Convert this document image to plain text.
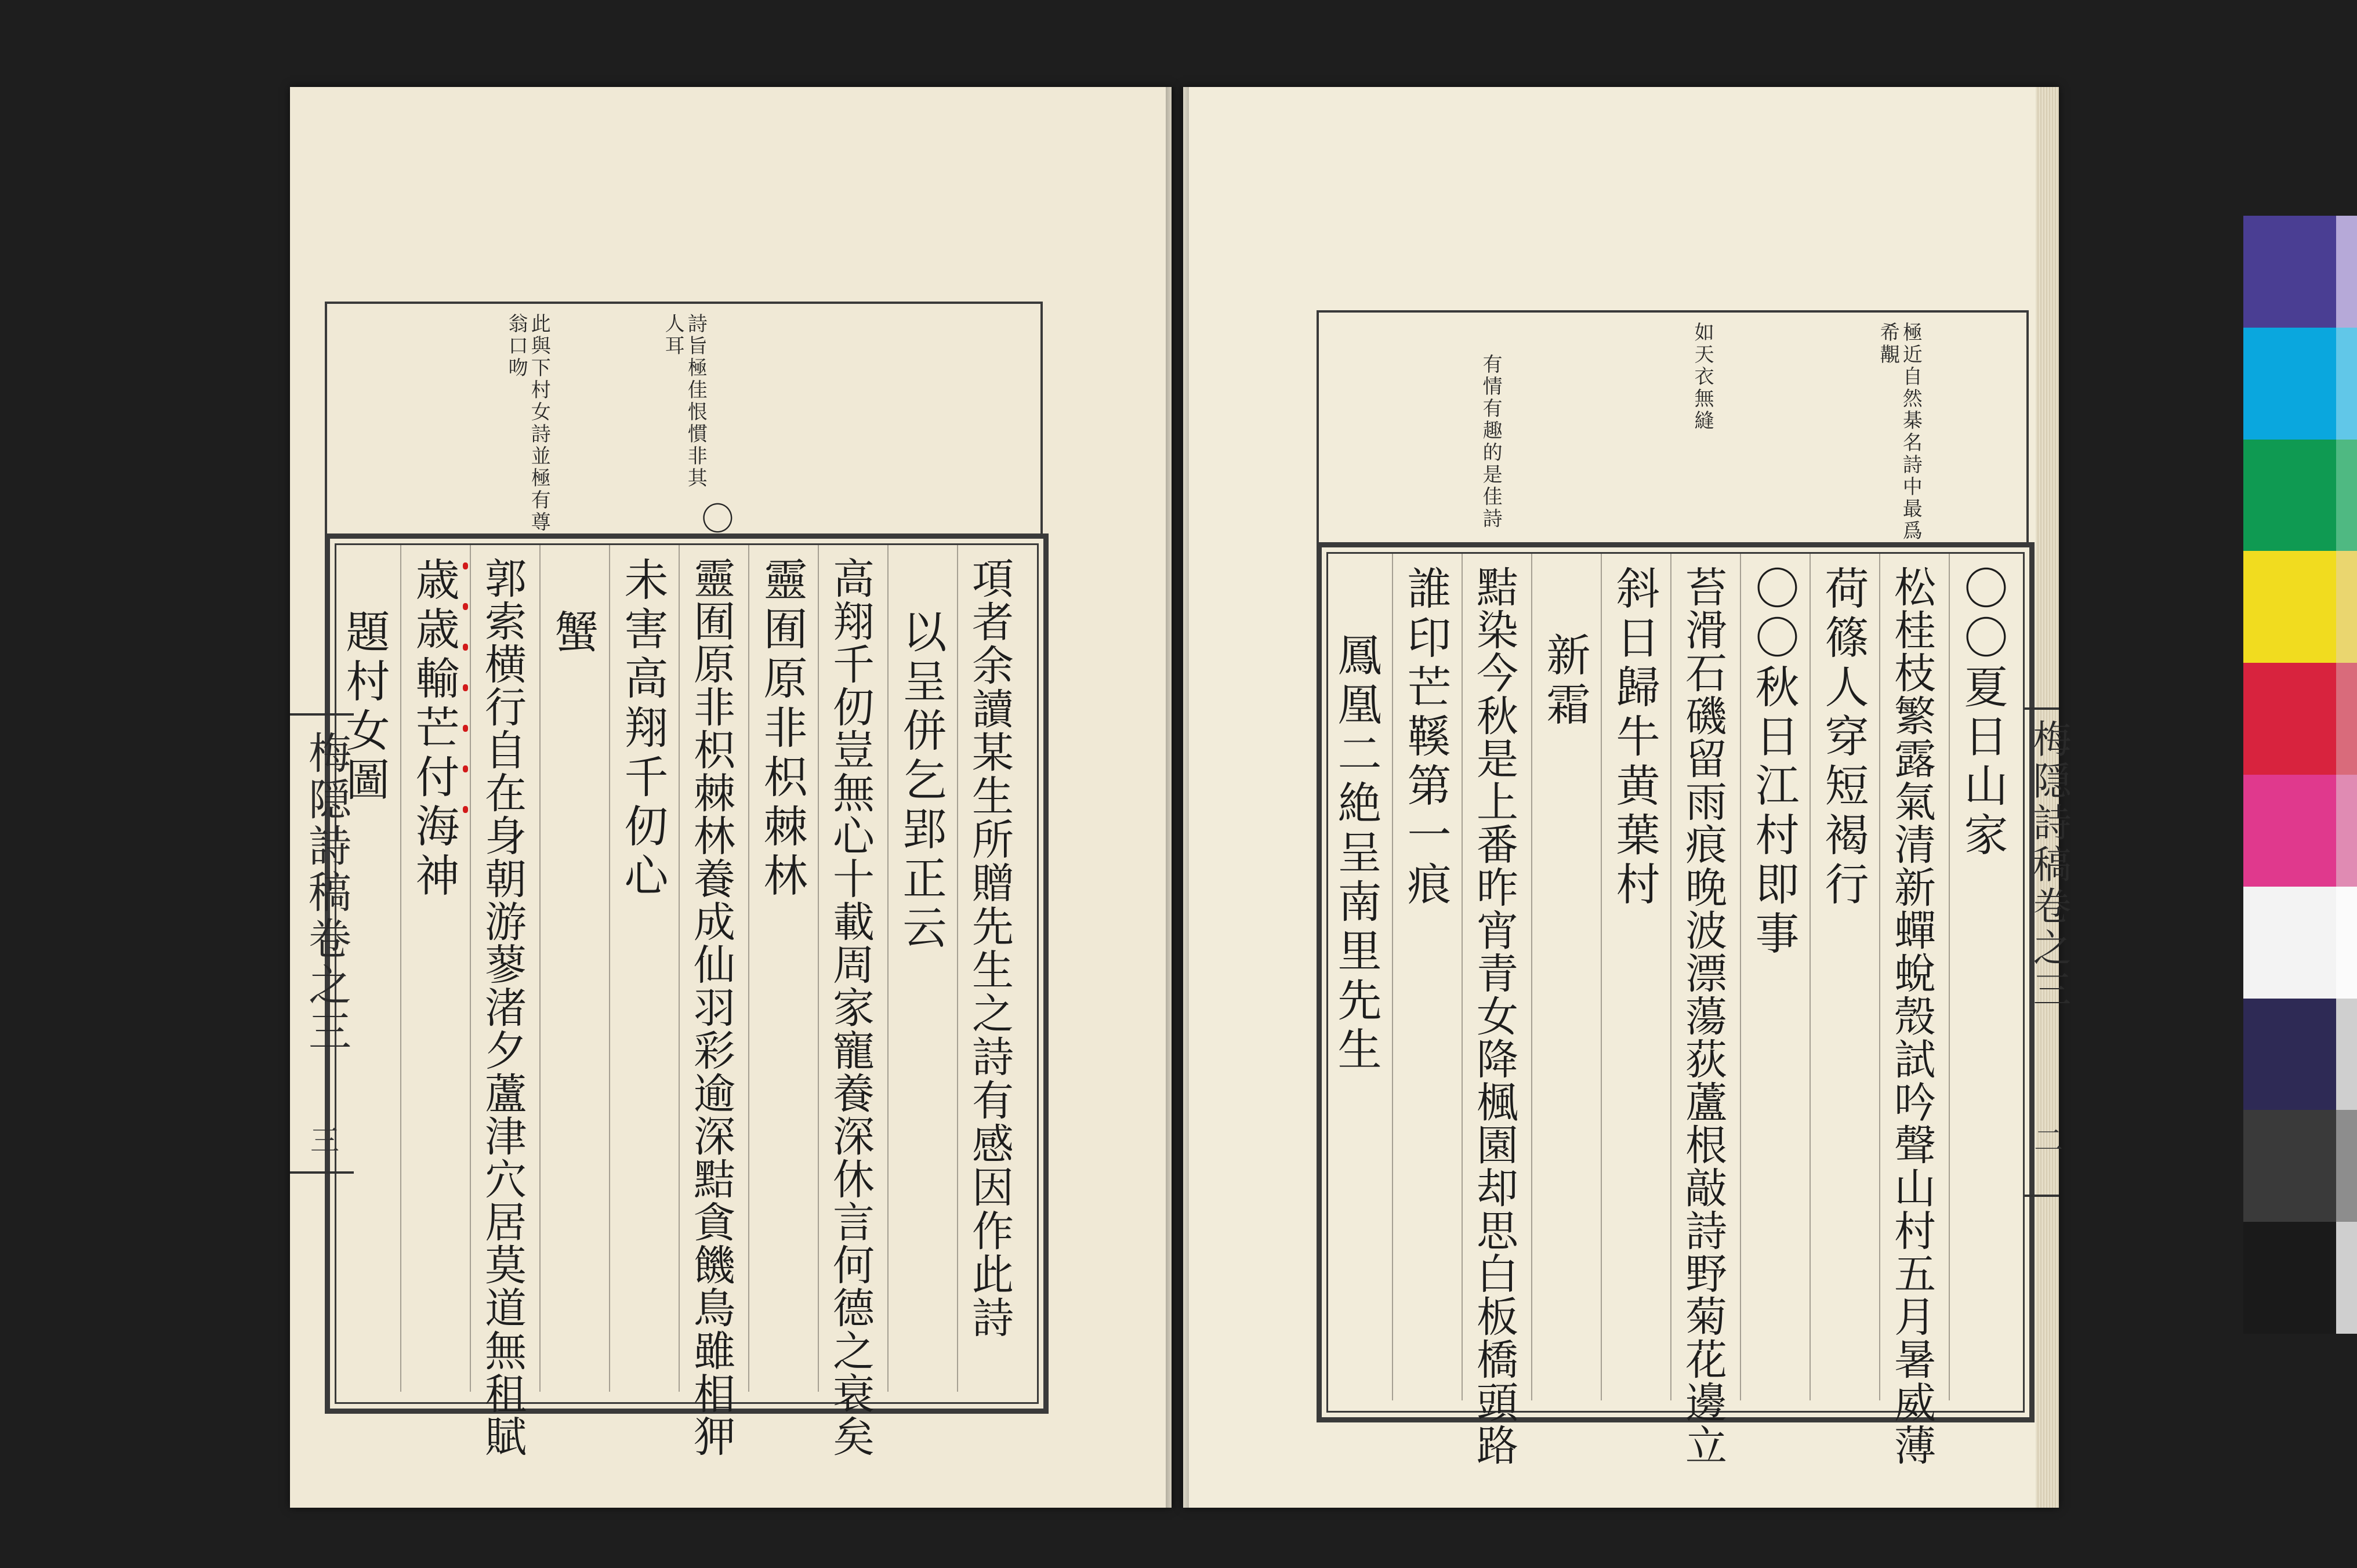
此與下村女詩並極有尊
翁口吻	詩旨極佳恨慣非其
人耳
〇
項者余讀某生所贈先生之詩有感因作此詩
以呈併乞郢正云
高翔千仞豈無心十載周家寵養深休言何德之衰矣
靈囿原非枳棘林
靈囿原非枳棘林養成仙羽彩逾深黠貪饑鳥雖相狎
未害高翔千仞心
蟹
郭索横行自在身朝游蓼渚夕蘆津穴居莫道無租賦
歳歳輸芒付海神
題村女圖
梅隠詩稿卷之三
三
極近自然棊名詩中最爲
希覯
如天衣無縫
有情有趣的是佳詩
〇〇夏日山家
松桂枝繁露氣清新蟬蛻殼試吟聲山村五月暑威薄
荷篠人穿短褐行
〇〇秋日江村即事
苔滑石磯留雨痕晚波漂蕩荻蘆根敲詩野菊花邊立
斜日歸牛黄葉村
新霜
黠染今秋是上番昨宵青女降楓園却思白板橋頭路
誰印芒鞵第一痕
鳳凰二絶呈南里先生	梅隠詩稿卷之三
二
